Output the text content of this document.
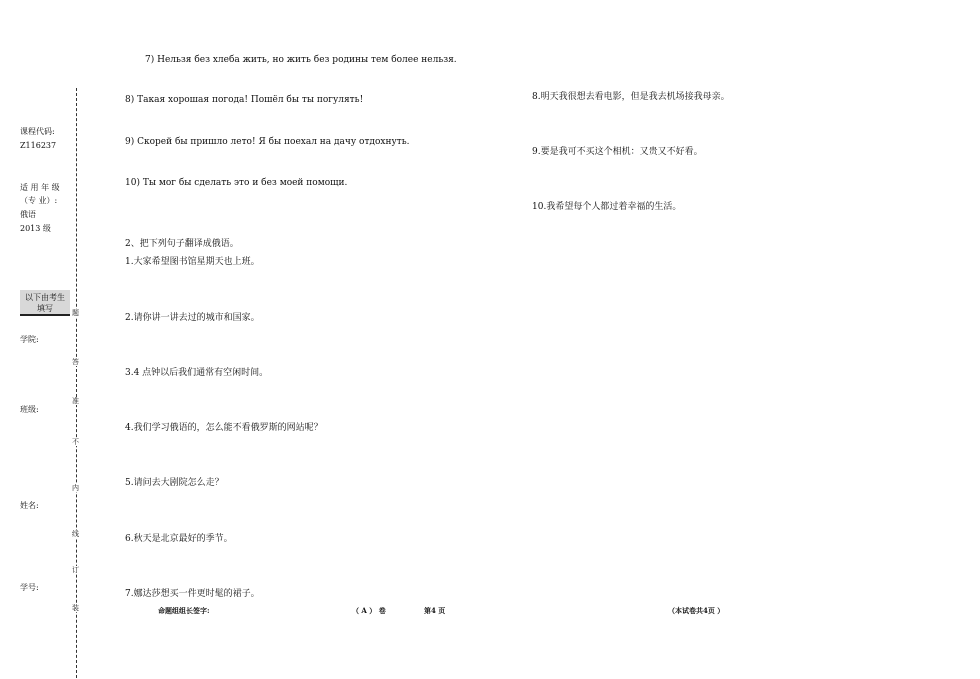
题
答
准
不
内
线
订
装
课程代码:
Z116237
适 用 年 级
（专 业）:
俄语
2013 级
以下由考生
填写
学院:
班级:
姓名:
学号:
7) Нельзя без хлеба жить, но жить без родины тем более нельзя.
8) Такая хорошая погода! Пошёл бы ты погулять!
9) Скорей бы пришло лето! Я бы поехал на дачу отдохнуть.
10) Ты мог бы сделать это и без моей помощи.
2、把下列句子翻译成俄语。
1.大家希望图书馆星期天也上班。
2.请你讲一讲去过的城市和国家。
3.4 点钟以后我们通常有空闲时间。
4.我们学习俄语的，怎么能不看俄罗斯的网站呢？
5.请问去大剧院怎么走？
6.秋天是北京最好的季节。
7.娜达莎想买一件更时髦的裙子。
8.明天我很想去看电影，但是我去机场接我母亲。
9.要是我可不买这个相机：又贵又不好看。
10.我希望每个人都过着幸福的生活。
命题组组长签字:	（ A ） 卷	第4 页	（本试卷共4页 ）
